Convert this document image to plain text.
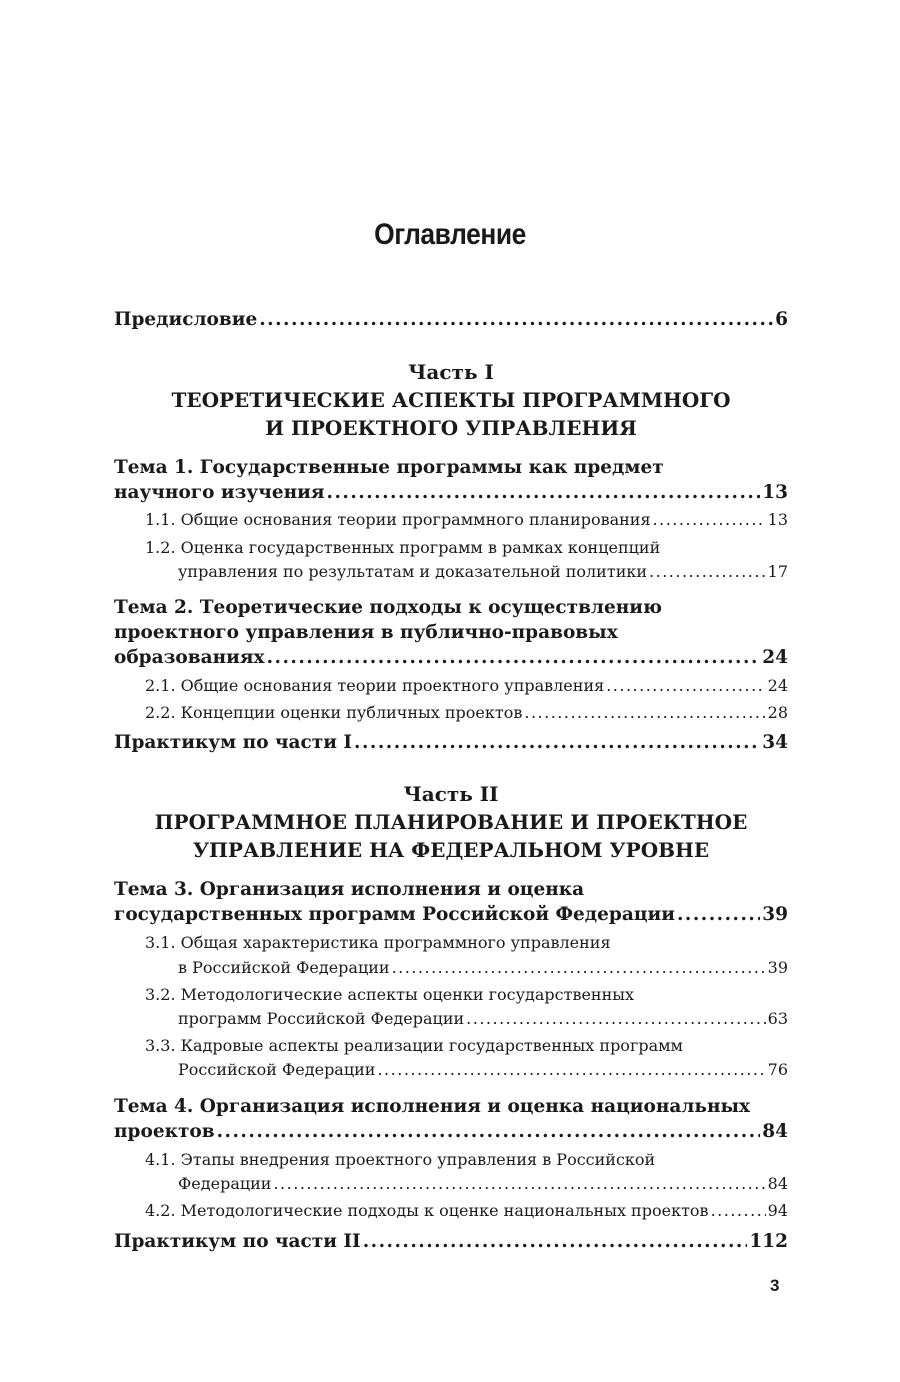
Оглавление
Предисловие .....	6
Часть I
ТЕОРЕТИЧЕСКИЕ АСПЕКТЫ ПРОГРАММНОГО
И ПРОЕКТНОГО УПРАВЛЕНИЯ
Тема 1. Государственные программы как предмет
научного изучения .....	13
1.1. Общие основания теории программного планирования .....	13
1.2. Оценка государственных программ в рамках концепций
управления по результатам и доказательной политики .....	17
Тема 2. Теоретические подходы к осуществлению
проектного управления в публично-правовых
образованиях .....	24
2.1. Общие основания теории проектного управления .....	24
2.2. Концепции оценки публичных проектов .....	28
Практикум по части I .....	34
Часть II
ПРОГРАММНОЕ ПЛАНИРОВАНИЕ И ПРОЕКТНОЕ
УПРАВЛЕНИЕ НА ФЕДЕРАЛЬНОМ УРОВНЕ
Тема 3. Организация исполнения и оценка
государственных программ Российской Федерации .....	39
3.1. Общая характеристика программного управления
в Российской Федерации .....	39
3.2. Методологические аспекты оценки государственных
программ Российской Федерации .....	63
3.3. Кадровые аспекты реализации государственных программ
Российской Федерации .....	76
Тема 4. Организация исполнения и оценка национальных
проектов .....	84
4.1. Этапы внедрения проектного управления в Российской
Федерации .....	84
4.2. Методологические подходы к оценке национальных проектов .....	94
Практикум по части II .....	112
3
